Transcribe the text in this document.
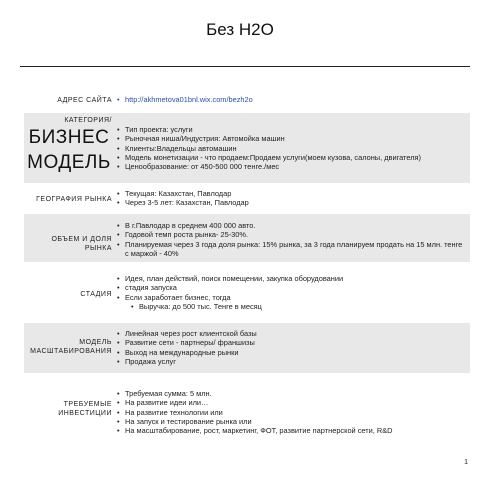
Без H2O
АДРЕС САЙТА
•	http://akhmetova01bnl.wix.com/bezh2o
КАТЕГОРИЯ/
БИЗНЕС
МОДЕЛЬ
• Тип проекта: услуги
• Рыночная ниша/Индустрия: Автомойка машин
• Клиенты:Владельцы автомашин
• Модель монетизации - что продаем:Продаем услуги(моем кузова, салоны, двигателя)
• Ценообразование: от 450-500 000 тенге./мес
ГЕОГРАФИЯ РЫНКА
• Текущая: Казахстан, Павлодар
• Через 3-5 лет: Казахстан, Павлодар
ОБЪЕМ И ДОЛЯ РЫНКА
• В г.Павлодар в среднем 400 000 авто.
• Годовой темп роста рынка- 25-30%.
• Планируемая через 3 года доля рынка: 15% рынка, за 3 года планируем продать на 15 млн. тенге с маржой - 40%
СТАДИЯ
• Идея, план действий, поиск помещении, закупка оборудовании
• стадия запуска
• Если заработает бизнес, тогда
• Выручка: до 500 тыс. Тенге в месяц
МОДЕЛЬ
МАСШТАБИРОВАНИЯ
• Линейная через рост клиентской базы
• Развитие сети - партнеры/ франшизы
• Выход на международные рынки
• Продажа услуг
ТРЕБУЕМЫЕ
ИНВЕСТИЦИИ
• Требуемая сумма: 5 млн.
• На развитие идеи или…
• На развитие технологии или
• На запуск и тестирование рынка или
• На масштабирование, рост, маркетинг, ФОТ, развитие партнерской сети, R&D
1
